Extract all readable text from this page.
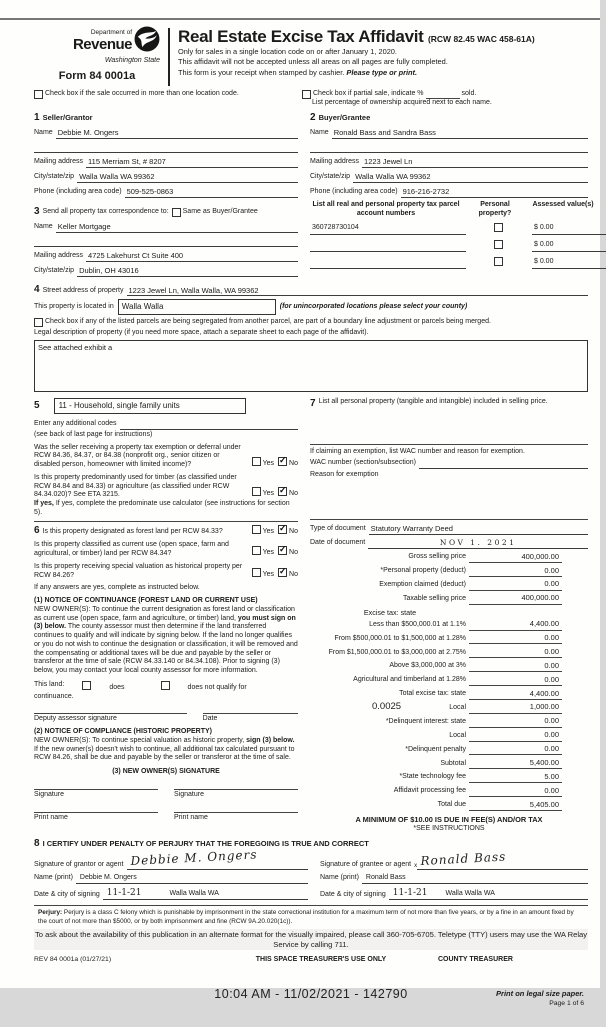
Department of
Revenue
Washington State
Form 84 0001a
Real Estate Excise Tax Affidavit (RCW 82.45 WAC 458-61A)
Only for sales in a single location code on or after January 1, 2020.
This affidavit will not be accepted unless all areas on all pages are fully completed.
This form is your receipt when stamped by cashier. Please type or print.
Check box if the sale occurred in more than one location code.	Check box if partial sale, indicate %	sold.
List percentage of ownership acquired next to each name.
1 Seller/Grantor
Name Debbie M. Ongers
Mailing address 115 Merriam St, # 8207
City/state/zip Walla Walla WA 99362
Phone (including area code) 509-525-0863
3 Send all property tax correspondence to: Same as Buyer/Grantee
Name Keller Mortgage
Mailing address 4725 Lakehurst Ct Suite 400
City/state/zip Dublin, OH 43016
2 Buyer/Grantee
Name Ronald Bass and Sandra Bass
Mailing address 1223 Jewel Ln
City/state/zip Walla Walla WA 99362
Phone (including area code) 916-216-2732
List all real and personal property tax parcel account numbers
Personal property?
Assessed value(s)
360728730104	$ 0.00
$ 0.00
$ 0.00
4 Street address of property 1223 Jewel Ln, Walla Walla, WA 99362
This property is located in	Walla Walla	(for unincorporated locations please select your county)
Check box if any of the listed parcels are being segregated from another parcel, are part of a boundary line adjustment or parcels being merged.
Legal description of property (if you need more space, attach a separate sheet to each page of the affidavit).
See attached exhibit a
5	11 - Household, single family units
Enter any additional codes
(see back of last page for instructions)
Was the seller receiving a property tax exemption or deferral under RCW 84.36, 84.37, or 84.38 (nonprofit org., senior citizen or disabled person, homeowner with limited income)?	Yes ✓ No
Is this property predominantly used for timber (as classified under RCW 84.84 and 84.33) or agriculture (as classified under RCW 84.34.020)? See ETA 3215.	Yes ✓ No
If yes, If yes, complete the predominate use calculator (see instructions for section 5).
6 Is this property designated as forest land per RCW 84.33?	Yes ✓ No
Is this property classified as current use (open space, farm and agricultural, or timber) land per RCW 84.34?	Yes ✓ No
Is this property receiving special valuation as historical property per RCW 84.26?	Yes ✓ No
If any answers are yes, complete as instructed below.
(1) NOTICE OF CONTINUANCE (FOREST LAND OR CURRENT USE)
NEW OWNER(S): To continue the current designation as forest land or classification as current use (open space, farm and agriculture, or timber) land, you must sign on (3) below. The county assessor must then determine if the land transferred continues to qualify and will indicate by signing below. If the land no longer qualifies or you do not wish to continue the designation or classification, it will be removed and the compensating or additional taxes will be due and payable by the seller or transferor at the time of sale (RCW 84.33.140 or 84.34.108). Prior to signing (3) below, you may contact your local county assessor for more information.
This land:	does	does not qualify for
continuance.
Deputy assessor signature	Date
(2) NOTICE OF COMPLIANCE (HISTORIC PROPERTY)
NEW OWNER(S): To continue special valuation as historic property, sign (3) below. If the new owner(s) doesn't wish to continue, all additional tax calculated pursuant to RCW 84.26, shall be due and payable by the seller or transferor at the time of sale.
(3) NEW OWNER(S) SIGNATURE
Signature	Signature
Print name	Print name
7 List all personal property (tangible and intangible) included in selling price.
If claiming an exemption, list WAC number and reason for exemption.
WAC number (section/subsection)
Reason for exemption
Type of document Statutory Warranty Deed
Date of document	NOV 1. 2021
Gross selling price	400,000.00
*Personal property (deduct)	0.00
Exemption claimed (deduct)	0.00
Taxable selling price	400,000.00
Excise tax: state
Less than $500,000.01 at 1.1%	4,400.00
From $500,000.01 to $1,500,000 at 1.28%	0.00
From $1,500,000.01 to $3,000,000 at 2.75%	0.00
Above $3,000,000 at 3%	0.00
Agricultural and timberland at 1.28%	0.00
Total excise tax: state	4,400.00
0.0025	Local	1,000.00
*Delinquent interest: state	0.00
Local	0.00
*Delinquent penalty	0.00
Subtotal	5,400.00
*State technology fee	5.00
Affidavit processing fee	0.00
Total due	5,405.00
A MINIMUM OF $10.00 IS DUE IN FEE(S) AND/OR TAX
*SEE INSTRUCTIONS
8 I CERTIFY UNDER PENALTY OF PERJURY THAT THE FOREGOING IS TRUE AND CORRECT
Signature of grantor or agent Debbie M. Ongers
Name (print)	Debbie M. Ongers
Date & city of signing 11-1-21	Walla Walla WA
Signature of grantee or agent x Ronald Bass
Name (print)	Ronald Bass
Date & city of signing 11-1-21	Walla Walla WA
Perjury: Perjury is a class C felony which is punishable by imprisonment in the state correctional institution for a maximum term of not more than five years, or by a fine in an amount fixed by the court of not more than $5000, or by both imprisonment and fine (RCW 9A.20.020(1c)).
To ask about the availability of this publication in an alternate format for the visually impaired, please call 360-705-6705. Teletype (TTY) users may use the WA Relay Service by calling 711.
REV 84 0001a (01/27/21)	THIS SPACE TREASURER'S USE ONLY	COUNTY TREASURER
10:04 AM - 11/02/2021 - 142790	Print on legal size paper.
Page 1 of 6
